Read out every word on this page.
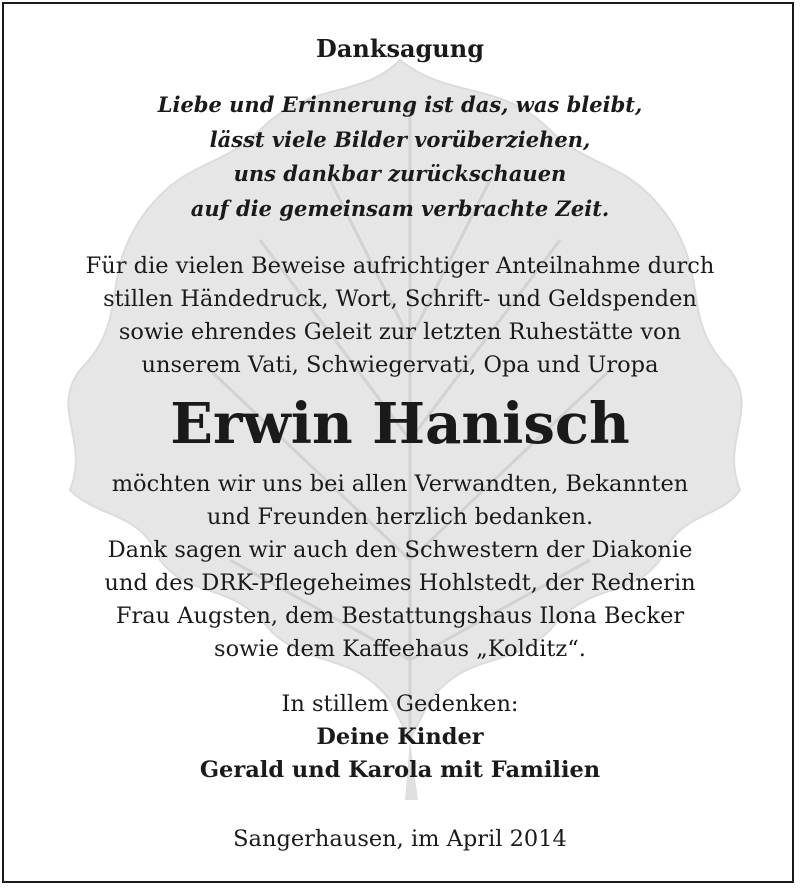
Danksagung
Liebe und Erinnerung ist das, was bleibt,
lässt viele Bilder vorüberziehen,
uns dankbar zurückschauen
auf die gemeinsam verbrachte Zeit.
Für die vielen Beweise aufrichtiger Anteilnahme durch
stillen Händedruck, Wort, Schrift- und Geldspenden
sowie ehrendes Geleit zur letzten Ruhestätte von
unserem Vati, Schwiegervati, Opa und Uropa
Erwin Hanisch
möchten wir uns bei allen Verwandten, Bekannten
und Freunden herzlich bedanken.
Dank sagen wir auch den Schwestern der Diakonie
und des DRK-Pflegeheimes Hohlstedt, der Rednerin
Frau Augsten, dem Bestattungshaus Ilona Becker
sowie dem Kaffeehaus „Kolditz“.
In stillem Gedenken:
Deine Kinder
Gerald und Karola mit Familien
Sangerhausen, im April 2014
